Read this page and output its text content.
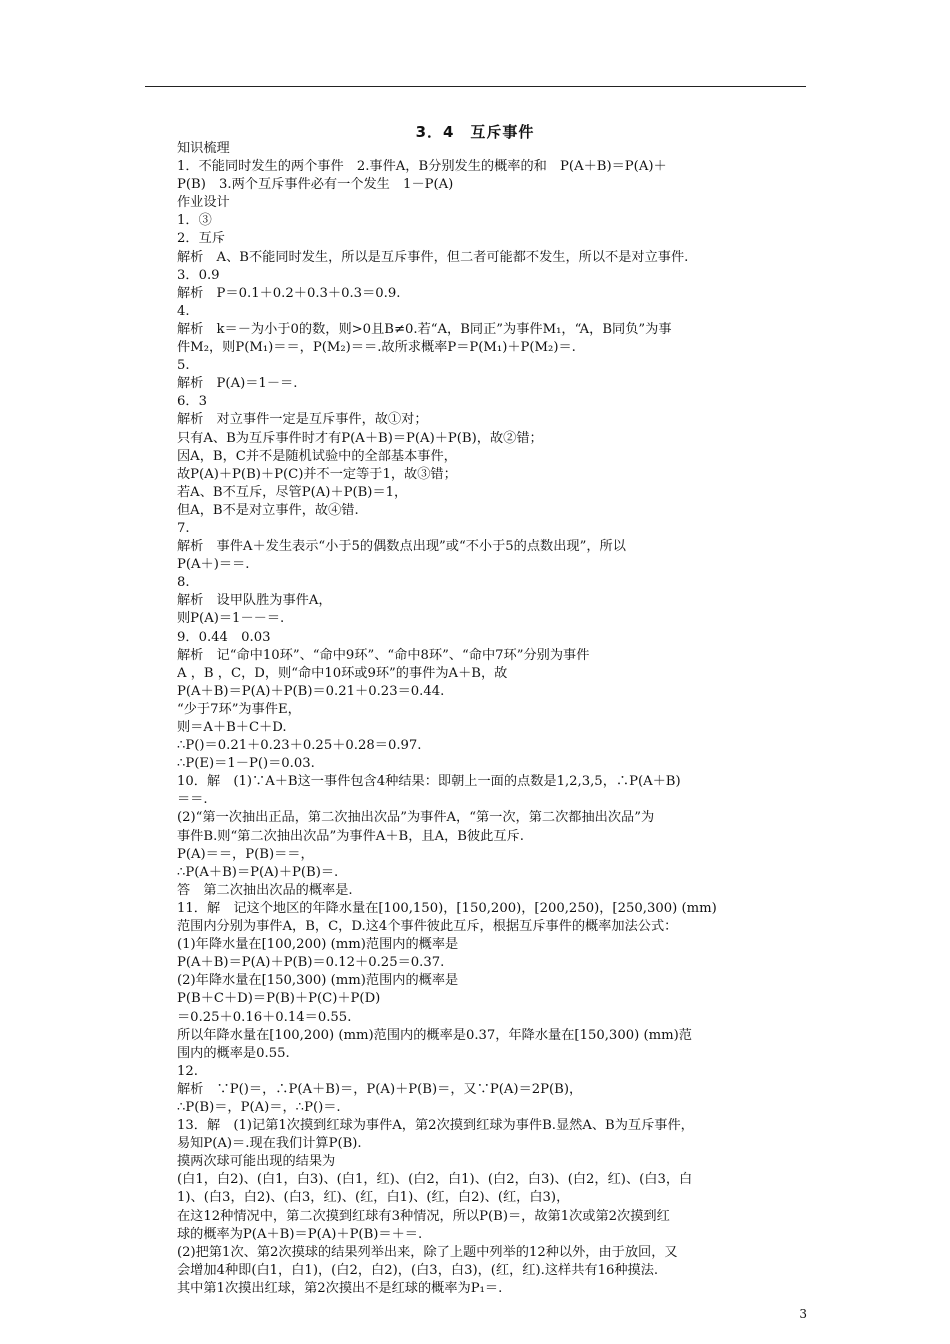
3．4　互斥事件
知识梳理
1．不能同时发生的两个事件　2.事件A，B分别发生的概率的和　P(A＋B)＝P(A)＋
P(B)　3.两个互斥事件必有一个发生　1－P(A)
作业设计
1．③
2．互斥
解析　A、B不能同时发生，所以是互斥事件，但二者可能都不发生，所以不是对立事件.
3．0.9
解析　P＝0.1＋0.2＋0.3＋0.3＝0.9.
4.
解析　k＝－为小于0的数，则>0且B≠0.若“A，B同正”为事件M₁，“A，B同负”为事
件M₂，则P(M₁)＝＝，P(M₂)＝＝.故所求概率P＝P(M₁)＋P(M₂)＝.
5.
解析　P(A)＝1－＝.
6．3
解析　对立事件一定是互斥事件，故①对；
只有A、B为互斥事件时才有P(A＋B)＝P(A)＋P(B)，故②错；
因A，B，C并不是随机试验中的全部基本事件，
故P(A)＋P(B)＋P(C)并不一定等于1，故③错；
若A、B不互斥，尽管P(A)＋P(B)＝1，
但A，B不是对立事件，故④错.
7.
解析　事件A＋发生表示“小于5的偶数点出现”或“不小于5的点数出现”，所以
P(A＋)＝＝.
8.
解析　设甲队胜为事件A，
则P(A)＝1－－＝.
9．0.44　0.03
解析　记“命中10环”、“命中9环”、“命中8环”、“命中7环”分别为事件
A ，B ，C，D，则“命中10环或9环”的事件为A＋B，故
P(A＋B)＝P(A)＋P(B)＝0.21＋0.23＝0.44.
“少于7环”为事件E，
则＝A＋B＋C＋D.
∴P()＝0.21＋0.23＋0.25＋0.28＝0.97.
∴P(E)＝1－P()＝0.03.
10．解　(1)∵A＋B这一事件包含4种结果：即朝上一面的点数是1,2,3,5，∴P(A＋B)
＝＝.
(2)“第一次抽出正品，第二次抽出次品”为事件A，“第一次，第二次都抽出次品”为
事件B.则“第二次抽出次品”为事件A＋B，且A，B彼此互斥.
P(A)＝＝，P(B)＝＝，
∴P(A＋B)＝P(A)＋P(B)＝.
答　第二次抽出次品的概率是.
11．解　记这个地区的年降水量在[100,150)，[150,200)，[200,250)，[250,300) (mm)
范围内分别为事件A，B，C，D.这4个事件彼此互斥，根据互斥事件的概率加法公式：
(1)年降水量在[100,200) (mm)范围内的概率是
P(A＋B)＝P(A)＋P(B)＝0.12＋0.25＝0.37.
(2)年降水量在[150,300) (mm)范围内的概率是
P(B＋C＋D)＝P(B)＋P(C)＋P(D)
＝0.25＋0.16＋0.14＝0.55.
所以年降水量在[100,200) (mm)范围内的概率是0.37，年降水量在[150,300) (mm)范
围内的概率是0.55.
12.
解析　∵P()＝，∴P(A＋B)＝，P(A)＋P(B)＝，又∵P(A)＝2P(B)，
∴P(B)＝，P(A)＝，∴P()＝.
13．解　(1)记第1次摸到红球为事件A，第2次摸到红球为事件B.显然A、B为互斥事件，
易知P(A)＝.现在我们计算P(B).
摸两次球可能出现的结果为
(白1，白2)、(白1，白3)、(白1，红)、(白2，白1)、(白2，白3)、(白2，红)、(白3，白
1)、(白3，白2)、(白3，红)、(红，白1)、(红，白2)、(红，白3)，
在这12种情况中，第二次摸到红球有3种情况，所以P(B)＝，故第1次或第2次摸到红
球的概率为P(A＋B)＝P(A)＋P(B)＝＋＝.
(2)把第1次、第2次摸球的结果列举出来，除了上题中列举的12种以外，由于放回，又
会增加4种即(白1，白1)，(白2，白2)，(白3，白3)，(红，红).这样共有16种摸法.
其中第1次摸出红球，第2次摸出不是红球的概率为P₁＝.
3
